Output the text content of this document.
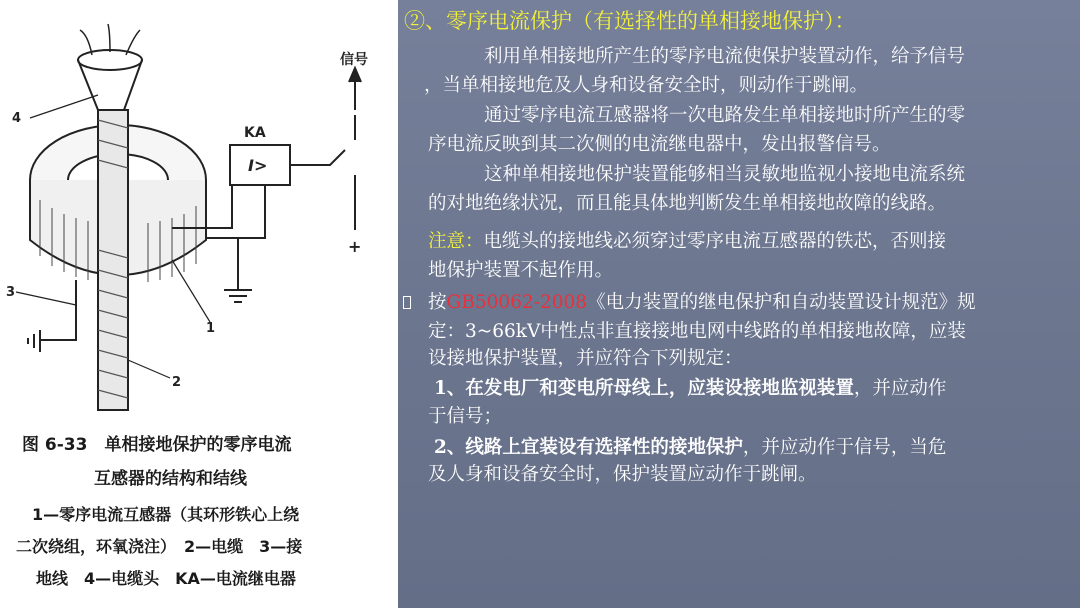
4
3
1
2
信号
KA
I>
+
图 6-33　单相接地保护的零序电流
互感器的结构和结线
1—零序电流互感器（其环形铁心上绕
二次绕组，环氧浇注）　2—电缆　3—接
地线　4—电缆头　KA—电流继电器
②、零序电流保护（有选择性的单相接地保护）：
利用单相接地所产生的零序电流使保护装置动作，给予信号
，当单相接地危及人身和设备安全时，则动作于跳闸。
通过零序电流互感器将一次电路发生单相接地时所产生的零
序电流反映到其二次侧的电流继电器中，发出报警信号。
这种单相接地保护装置能够相当灵敏地监视小接地电流系统
的对地绝缘状况，而且能具体地判断发生单相接地故障的线路。
注意：电缆头的接地线必须穿过零序电流互感器的铁芯，否则接
地保护装置不起作用。
按GB50062-2008《电力装置的继电保护和自动装置设计规范》规
定：3~66kV中性点非直接接地电网中线路的单相接地故障，应装
设接地保护装置，并应符合下列规定：
1、在发电厂和变电所母线上，应装设接地监视装置，并应动作
于信号；
2、线路上宜装设有选择性的接地保护，并应动作于信号，当危
及人身和设备安全时，保护装置应动作于跳闸。
